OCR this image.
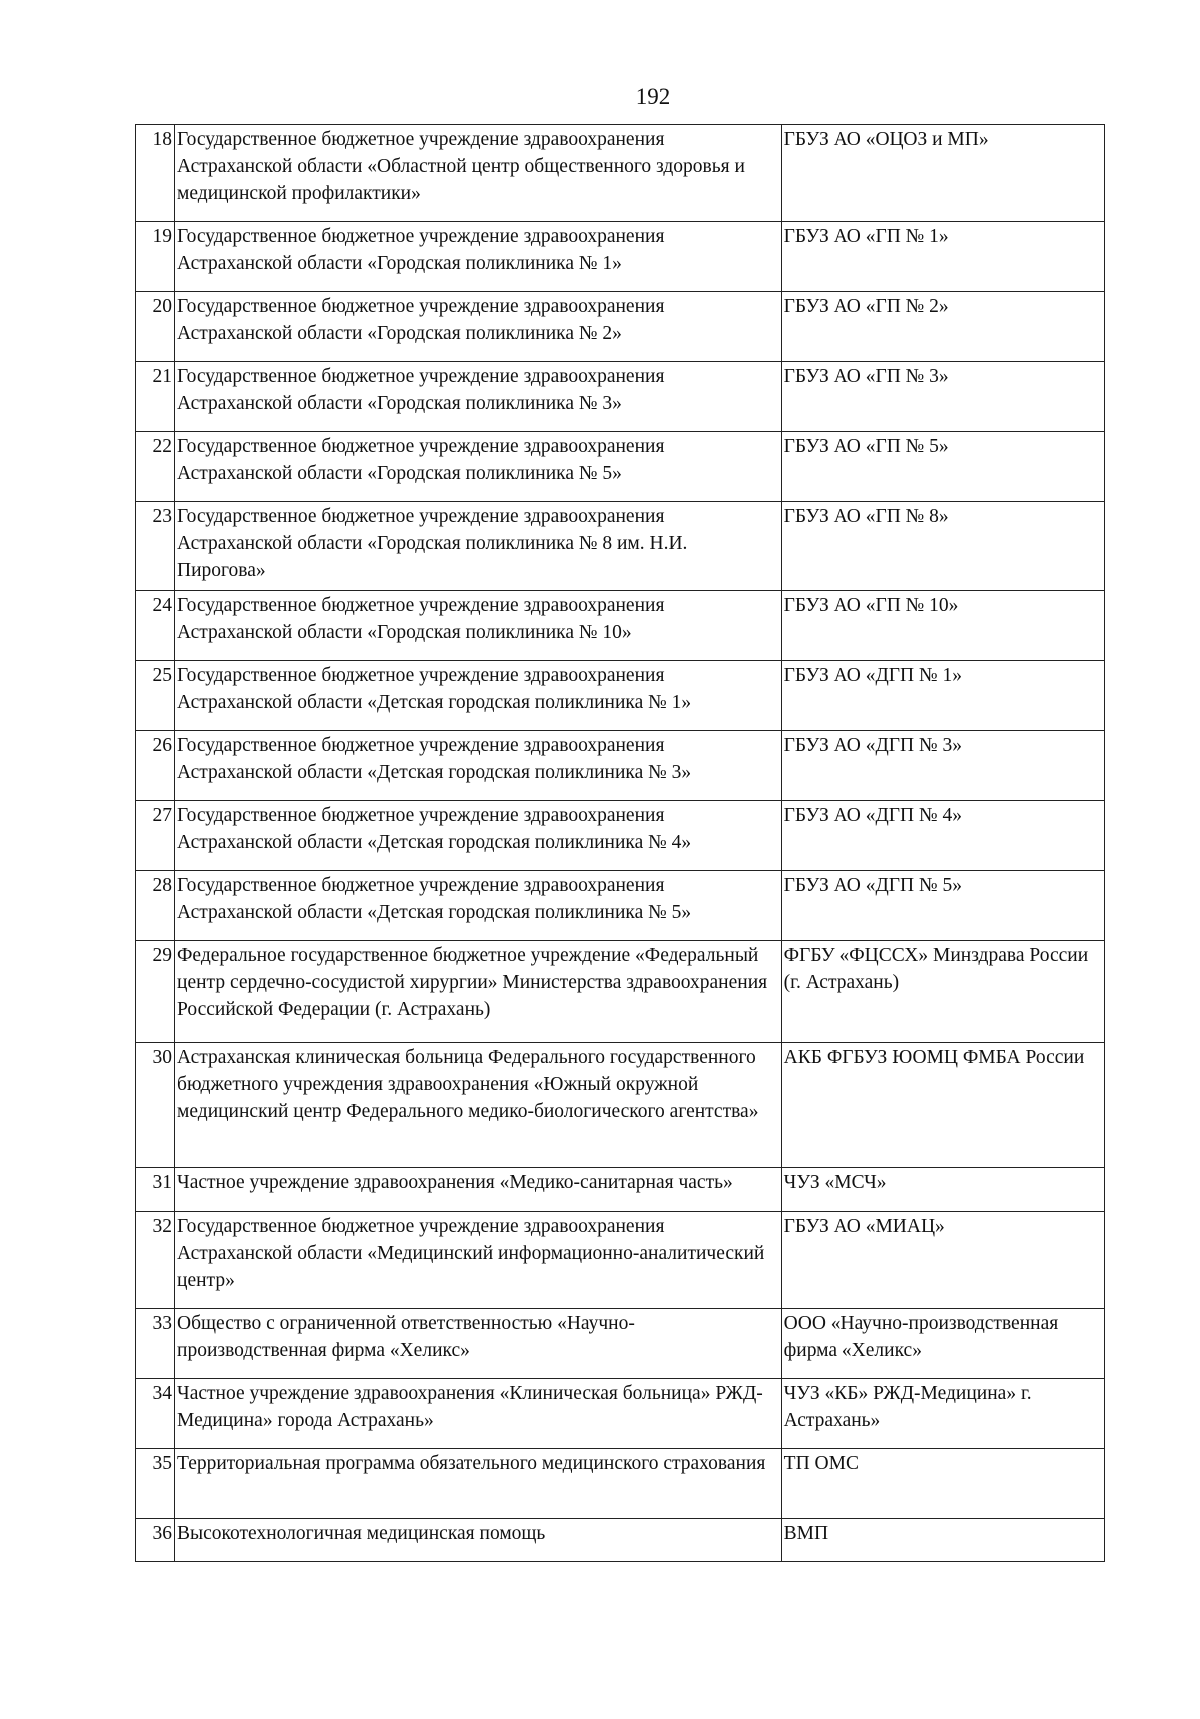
192
18	Государственное бюджетное учреждение здравоохранения Астраханской области «Областной центр общественного здоровья и медицинской профилактики»	ГБУЗ АО «ОЦОЗ и МП»
19	Государственное бюджетное учреждение здравоохранения Астраханской области «Городская поликлиника № 1»	ГБУЗ АО «ГП № 1»
20	Государственное бюджетное учреждение здравоохранения Астраханской области «Городская поликлиника № 2»	ГБУЗ АО «ГП № 2»
21	Государственное бюджетное учреждение здравоохранения Астраханской области «Городская поликлиника № 3»	ГБУЗ АО «ГП № 3»
22	Государственное бюджетное учреждение здравоохранения Астраханской области «Городская поликлиника № 5»	ГБУЗ АО «ГП № 5»
23	Государственное бюджетное учреждение здравоохранения Астраханской области «Городская поликлиника № 8 им. Н.И. Пирогова»	ГБУЗ АО «ГП № 8»
24	Государственное бюджетное учреждение здравоохранения Астраханской области «Городская поликлиника № 10»	ГБУЗ АО «ГП № 10»
25	Государственное бюджетное учреждение здравоохранения Астраханской области «Детская городская поликлиника № 1»	ГБУЗ АО «ДГП № 1»
26	Государственное бюджетное учреждение здравоохранения Астраханской области «Детская городская поликлиника № 3»	ГБУЗ АО «ДГП № 3»
27	Государственное бюджетное учреждение здравоохранения Астраханской области «Детская городская поликлиника № 4»	ГБУЗ АО «ДГП № 4»
28	Государственное бюджетное учреждение здравоохранения Астраханской области «Детская городская поликлиника № 5»	ГБУЗ АО «ДГП № 5»
29	Федеральное государственное бюджетное учреждение «Федеральный центр сердечно-сосудистой хирургии» Министерства здравоохранения Российской Федерации (г. Астрахань)	ФГБУ «ФЦССХ» Минздрава России (г. Астрахань)
30	Астраханская клиническая больница Федерального государственного бюджетного учреждения здравоохранения «Южный окружной медицинский центр Федерального медико-биологического агентства»	АКБ ФГБУЗ ЮОМЦ ФМБА России
31	Частное учреждение здравоохранения «Медико-санитарная часть»	ЧУЗ «МСЧ»
32	Государственное бюджетное учреждение здравоохранения Астраханской области «Медицинский информационно-аналитический центр»	ГБУЗ АО «МИАЦ»
33	Общество с ограниченной ответственностью «Научно-производственная фирма «Хеликс»	ООО «Научно-производственная фирма «Хеликс»
34	Частное учреждение здравоохранения «Клиническая больница» РЖД-Медицина» города Астрахань»	ЧУЗ «КБ» РЖД-Медицина» г. Астрахань»
35	Территориальная программа обязательного медицинского страхования	ТП ОМС
36	Высокотехнологичная медицинская помощь	ВМП
